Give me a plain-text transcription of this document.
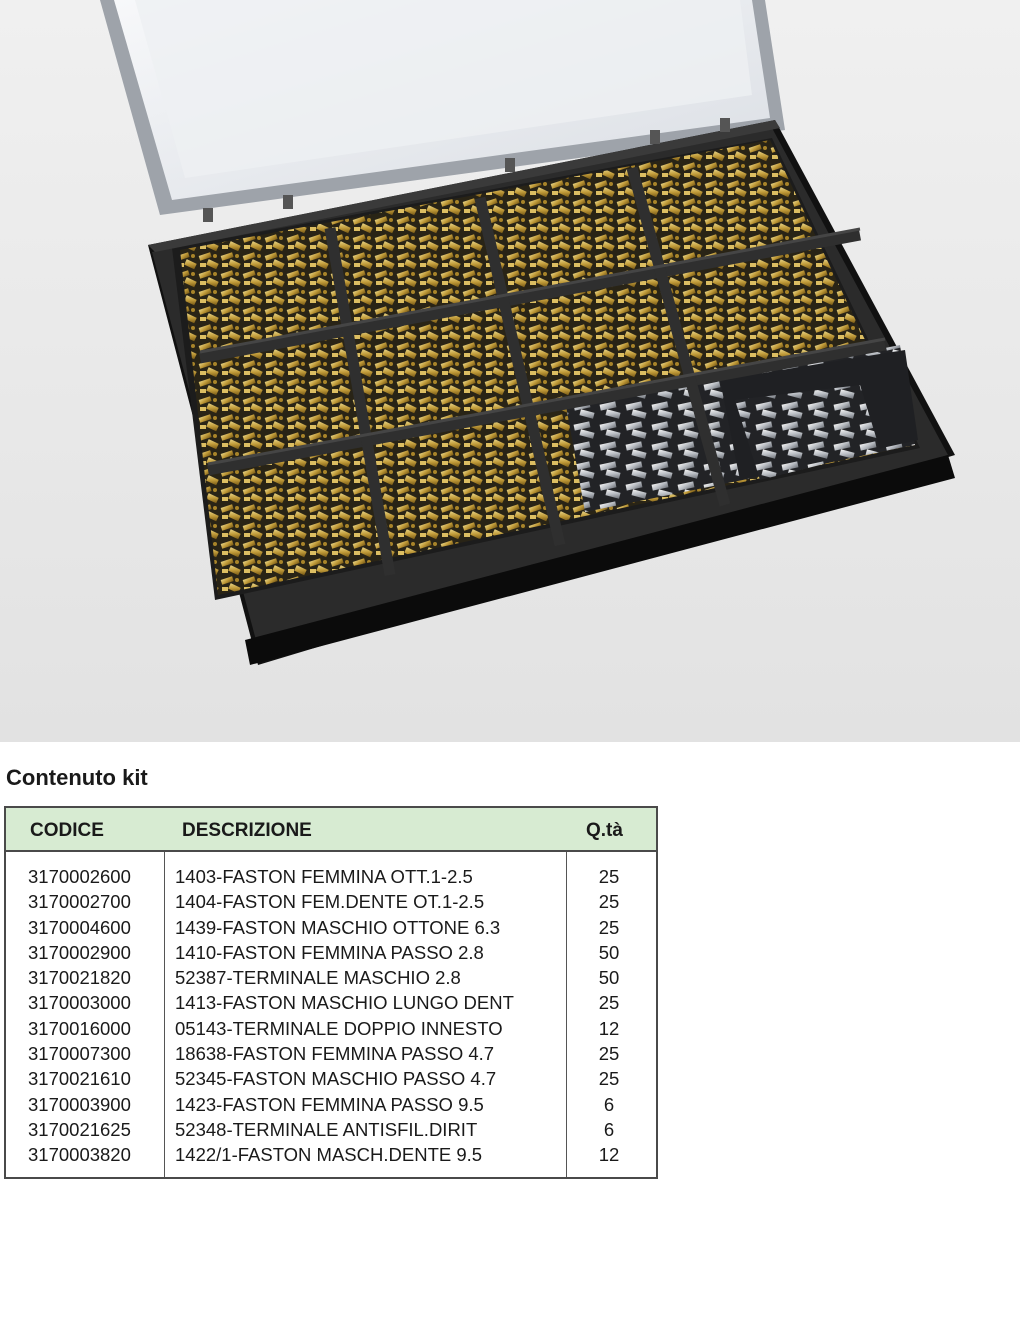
Contenuto kit
CODICE	DESCRIZIONE	Q.tà
3170002600 1403-FASTON FEMMINA OTT.1-2.5	25
3170002700 1404-FASTON FEM.DENTE OT.1-2.5	25
3170004600 1439-FASTON MASCHIO OTTONE 6.3	25
3170002900 1410-FASTON FEMMINA PASSO 2.8	50
3170021820 52387-TERMINALE MASCHIO 2.8	50
3170003000 1413-FASTON MASCHIO LUNGO DENT	25
3170016000 05143-TERMINALE DOPPIO INNESTO	12
3170007300 18638-FASTON FEMMINA PASSO 4.7	25
3170021610 52345-FASTON MASCHIO PASSO 4.7	25
3170003900 1423-FASTON FEMMINA PASSO 9.5	6
3170021625 52348-TERMINALE ANTISFIL.DIRIT	6
3170003820 1422/1-FASTON MASCH.DENTE 9.5	12
